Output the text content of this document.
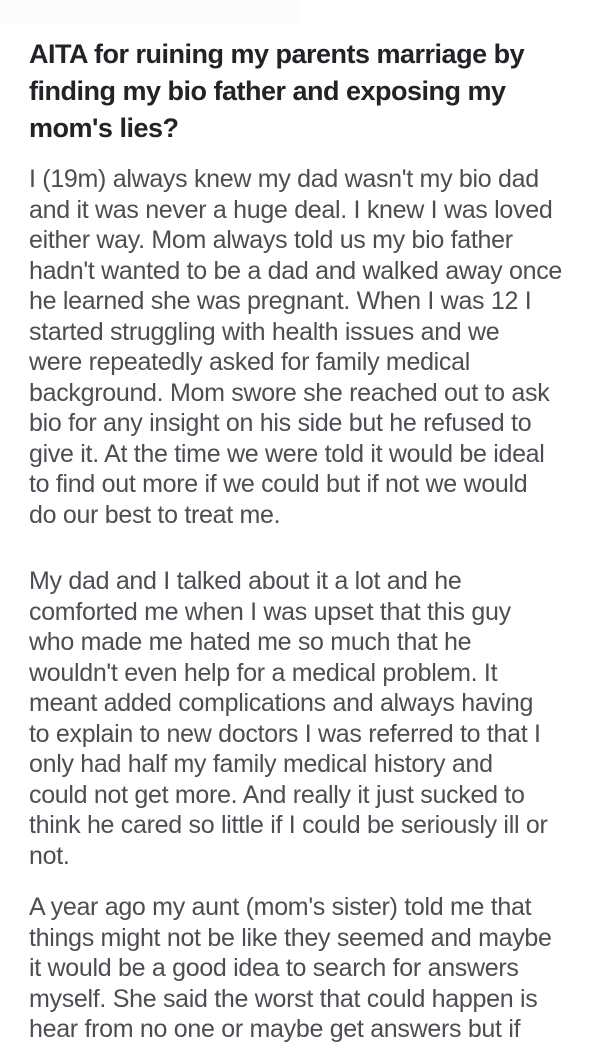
AITA for ruining my parents marriage by
finding my bio father and exposing my
mom's lies?
I (19m) always knew my dad wasn't my bio dad
and it was never a huge deal. I knew I was loved
either way. Mom always told us my bio father
hadn't wanted to be a dad and walked away once
he learned she was pregnant. When I was 12 I
started struggling with health issues and we
were repeatedly asked for family medical
background. Mom swore she reached out to ask
bio for any insight on his side but he refused to
give it. At the time we were told it would be ideal
to find out more if we could but if not we would
do our best to treat me.
My dad and I talked about it a lot and he
comforted me when I was upset that this guy
who made me hated me so much that he
wouldn't even help for a medical problem. It
meant added complications and always having
to explain to new doctors I was referred to that I
only had half my family medical history and
could not get more. And really it just sucked to
think he cared so little if I could be seriously ill or
not.
A year ago my aunt (mom's sister) told me that
things might not be like they seemed and maybe
it would be a good idea to search for answers
myself. She said the worst that could happen is
hear from no one or maybe get answers but if
